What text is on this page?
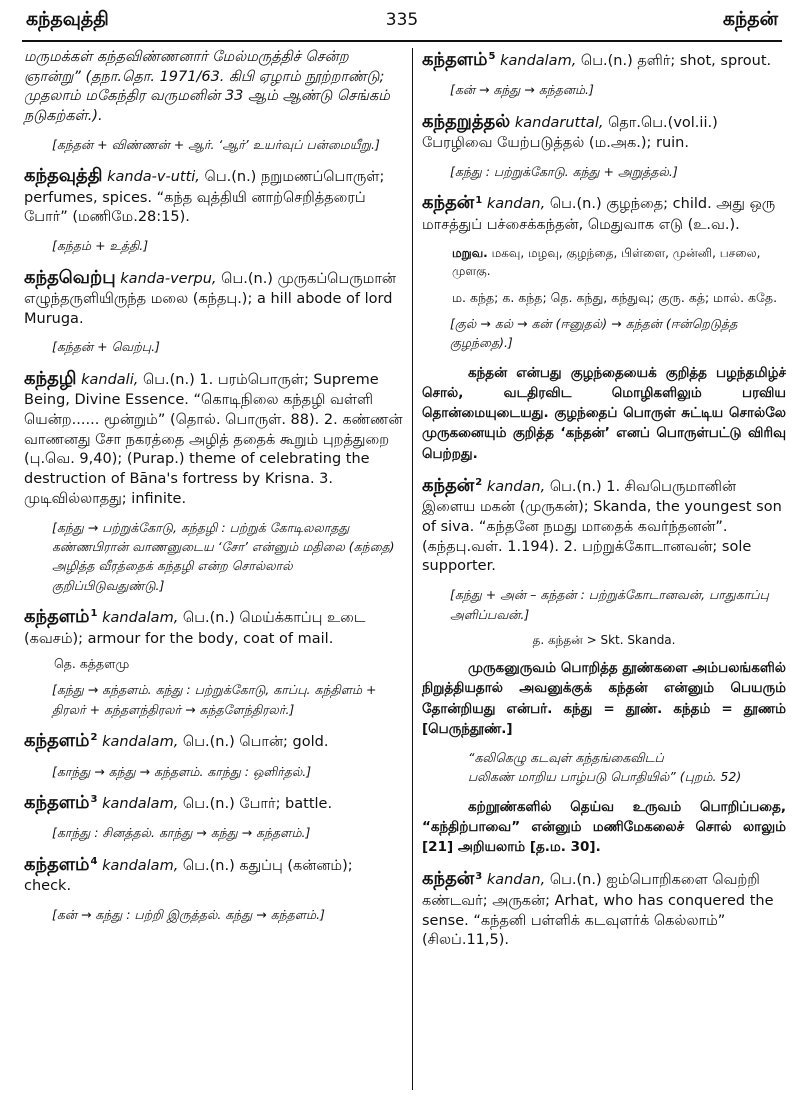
கந்தவுத்தி	335	கந்தன்

மருமக்கள் கந்தவிண்ணனார் மேல்மருத்திச் சென்ற ஞான்று” (தநா.தொ. 1971/63. கிபி ஏழாம் நூற்றாண்டு; முதலாம் மகேந்திர வருமனின் 33 ஆம் ஆண்டு செங்கம் நடுகற்கள்.).

[கந்தன் + விண்ணன் + ஆர். ‘ஆர்’ உயர்வுப் பன்மையீறு.]

கந்தவுத்தி kanda-v-utti, பெ.(n.) நறுமணப்பொருள்; perfumes, spices. “கந்த வுத்தியி னாற்செறித்தரைப் போர்” (மணிமே.28:15).

[கந்தம் + உத்தி.]

கந்தவெற்பு kanda-verpu, பெ.(n.) முருகப்பெருமான் எழுந்தருளியிருந்த மலை (கந்தபு.); a hill abode of lord Muruga.

[கந்தன் + வெற்பு.]

கந்தழி kandali, பெ.(n.) 1. பரம்பொருள்; Supreme Being, Divine Essence. “கொடிநிலை கந்தழி வள்ளி யென்ற...... மூன்றும்” (தொல். பொருள். 88). 2. கண்ணன் வாணனது சோ நகரத்தை அழித் ததைக் கூறும் புறத்துறை (பு.வெ. 9,40); (Purap.) theme of celebrating the destruction of Bāna's fortress by Krisna. 3. முடிவில்லாதது; infinite.

[கந்து → பற்றுக்கோடு, கந்தழி : பற்றுக் கோடிலலாதது கண்ணபிரான் வாணனுடைய ‘சோ’ என்னும் மதிலை (கந்தை) அழித்த வீரத்தைக் கந்தழி என்ற சொல்லால் குறிப்பிடுவதுண்டு.]

கந்தளம்$^1$ kandalam, பெ.(n.) மெய்க்காப்பு உடை (கவசம்); armour for the body, coat of mail.

தெ. கத்தளமு

[கந்து → கந்தளம். கந்து : பற்றுக்கோடு, காப்பு. கந்திளம் + திரலர் + கந்தளந்திரலர் → கந்தளேந்திரலர்.]

கந்தளம்$^2$ kandalam, பெ.(n.) பொன்; gold.

[காந்து → கந்து → கந்தளம். காந்து : ஒளிர்தல்.]

கந்தளம்$^3$ kandalam, பெ.(n.) போர்; battle.

[காந்து : சினத்தல். காந்து → கந்து → கந்தளம்.]

கந்தளம்$^4$ kandalam, பெ.(n.) கதுப்பு (கன்னம்); check.

[கன் → கந்து : பற்றி இருத்தல். கந்து → கந்தளம்.]

கந்தளம்$^5$ kandalam, பெ.(n.) தளிர்; shot, sprout.

[கன் → கந்து → கந்தனம்.]

கந்தறுத்தல் kandaruttal, தொ.பெ.(vol.ii.) பேரழிவை யேற்படுத்தல் (ம.அக.); ruin.

[கந்து : பற்றுக்கோடு. கந்து + அறுத்தல்.]

கந்தன்$^1$ kandan, பெ.(n.) குழந்தை; child. அது ஒரு மாசத்துப் பச்சைக்கந்தன், மெதுவாக எடு (உ.வ.).

மறுவ. மகவு, மழவு, குழந்தை, பிள்ளை, முன்னி, பசலை, முளகு.

ம. கந்த; க. கந்த; தெ. கந்து, கந்துவு; குரு. கத்; மால். கதே.

[குல் → கல் → கன் (ஈனுதல்) → கந்தன் (ஈன்றெடுத்த குழந்தை).]

கந்தன் என்பது குழந்தையைக் குறித்த பழந்தமிழ்ச் சொல், வடதிரவிட மொழிகளிலும் பரவிய தொன்மையுடையது. குழந்தைப் பொருள் சுட்டிய சொல்லே முருகனையும் குறித்த ‘கந்தன்’ எனப் பொருள்பட்டு விரிவு பெற்றது.

கந்தன்$^2$ kandan, பெ.(n.) 1. சிவபெருமானின் இளைய மகன் (முருகன்); Skanda, the youngest son of siva. “கந்தனே நமது மாதைக் கவர்ந்தனன்”. (கந்தபு.வள். 1.194). 2. பற்றுக்கோடானவன்; sole supporter.

[கந்து + அன் – கந்தன் : பற்றுக்கோடானவன், பாதுகாப்பு அளிப்பவன்.]

த. கந்தன் > Skt. Skanda.

முருகனுருவம் பொறித்த தூண்களை அம்பலங்களில் நிறுத்தியதால் அவனுக்குக் கந்தன் என்னும் பெயரும் தோன்றியது என்பர். கந்து = தூண். கந்தம் = தூணம் [பெருந்தூண்.]

“கலிகெழு கடவுள் கந்தங்கைவிடப்
பலிகண் மாறிய பாழ்படு பொதியில்” (புறம். 52)

கற்றூண்களில் தெய்வ உருவம் பொறிப்பதை, “கந்திற்பாவை” என்னும் மணிமேகலைச் சொல் லாலும் [21] அறியலாம் [த.ம. 30].

கந்தன்$^3$ kandan, பெ.(n.) ஐம்பொறிகளை வெற்றி கண்டவர்; அருகன்; Arhat, who has conquered the sense. “கந்தனி பள்ளிக் கடவுளர்க் கெல்லாம்” (சிலப்.11,5).
